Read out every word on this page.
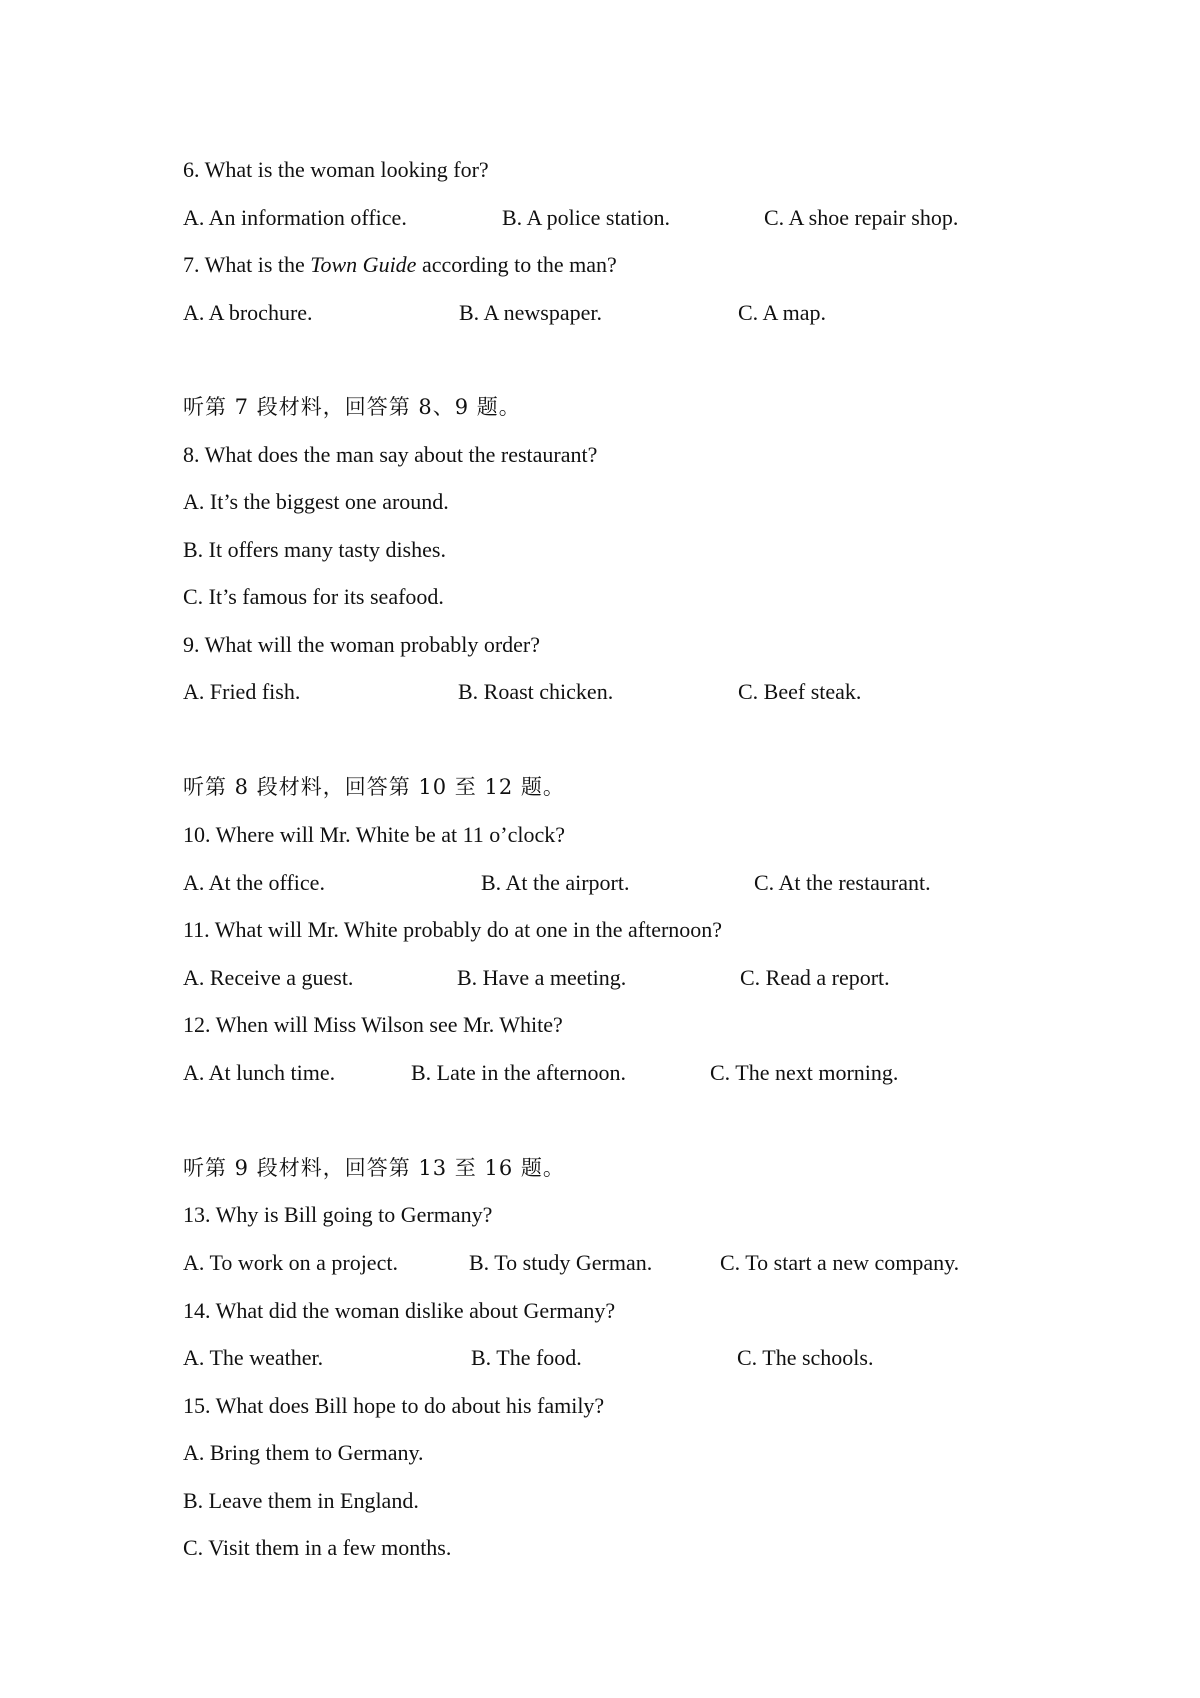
6. What is the woman looking for?
A. An information office.	B. A police station.	C. A shoe repair shop.
7. What is the Town Guide according to the man?
A. A brochure.	B. A newspaper.	C. A map.
听第 7 段材料，回答第 8、9 题。
8. What does the man say about the restaurant?
A. It’s the biggest one around.
B. It offers many tasty dishes.
C. It’s famous for its seafood.
9. What will the woman probably order?
A. Fried fish.	B. Roast chicken.	C. Beef steak.
听第 8 段材料，回答第 10 至 12 题。
10. Where will Mr. White be at 11 o’clock?
A. At the office.	B. At the airport.	C. At the restaurant.
11. What will Mr. White probably do at one in the afternoon?
A. Receive a guest.	B. Have a meeting.	C. Read a report.
12. When will Miss Wilson see Mr. White?
A. At lunch time.	B. Late in the afternoon.	C. The next morning.
听第 9 段材料，回答第 13 至 16 题。
13. Why is Bill going to Germany?
A. To work on a project.	B. To study German.	C. To start a new company.
14. What did the woman dislike about Germany?
A. The weather.	B. The food.	C. The schools.
15. What does Bill hope to do about his family?
A. Bring them to Germany.
B. Leave them in England.
C. Visit them in a few months.
